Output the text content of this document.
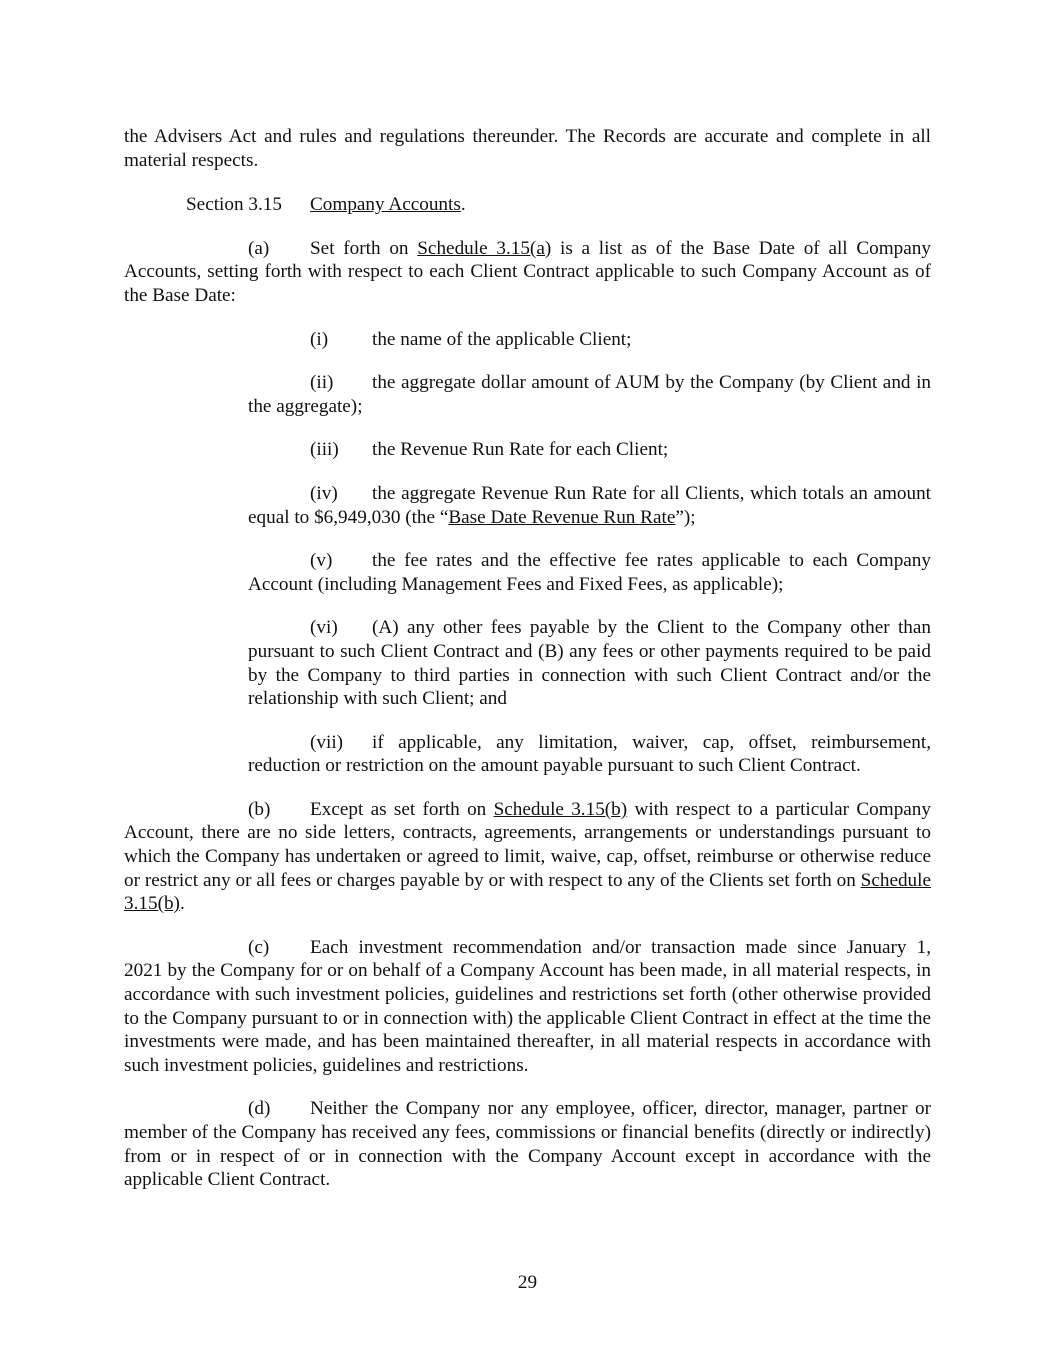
the Advisers Act and rules and regulations thereunder. The Records are accurate and complete in all material respects.

Section 3.15 Company Accounts.

(a) Set forth on Schedule 3.15(a) is a list as of the Base Date of all Company Accounts, setting forth with respect to each Client Contract applicable to such Company Account as of the Base Date:

(i) the name of the applicable Client;

(ii) the aggregate dollar amount of AUM by the Company (by Client and in the aggregate);

(iii) the Revenue Run Rate for each Client;

(iv) the aggregate Revenue Run Rate for all Clients, which totals an amount equal to $6,949,030 (the “Base Date Revenue Run Rate”);

(v) the fee rates and the effective fee rates applicable to each Company Account (including Management Fees and Fixed Fees, as applicable);

(vi) (A) any other fees payable by the Client to the Company other than pursuant to such Client Contract and (B) any fees or other payments required to be paid by the Company to third parties in connection with such Client Contract and/or the relationship with such Client; and

(vii) if applicable, any limitation, waiver, cap, offset, reimbursement, reduction or restriction on the amount payable pursuant to such Client Contract.

(b) Except as set forth on Schedule 3.15(b) with respect to a particular Company Account, there are no side letters, contracts, agreements, arrangements or understandings pursuant to which the Company has undertaken or agreed to limit, waive, cap, offset, reimburse or otherwise reduce or restrict any or all fees or charges payable by or with respect to any of the Clients set forth on Schedule 3.15(b).

(c) Each investment recommendation and/or transaction made since January 1, 2021 by the Company for or on behalf of a Company Account has been made, in all material respects, in accordance with such investment policies, guidelines and restrictions set forth (other otherwise provided to the Company pursuant to or in connection with) the applicable Client Contract in effect at the time the investments were made, and has been maintained thereafter, in all material respects in accordance with such investment policies, guidelines and restrictions.

(d) Neither the Company nor any employee, officer, director, manager, partner or member of the Company has received any fees, commissions or financial benefits (directly or indirectly) from or in respect of or in connection with the Company Account except in accordance with the applicable Client Contract.

29
